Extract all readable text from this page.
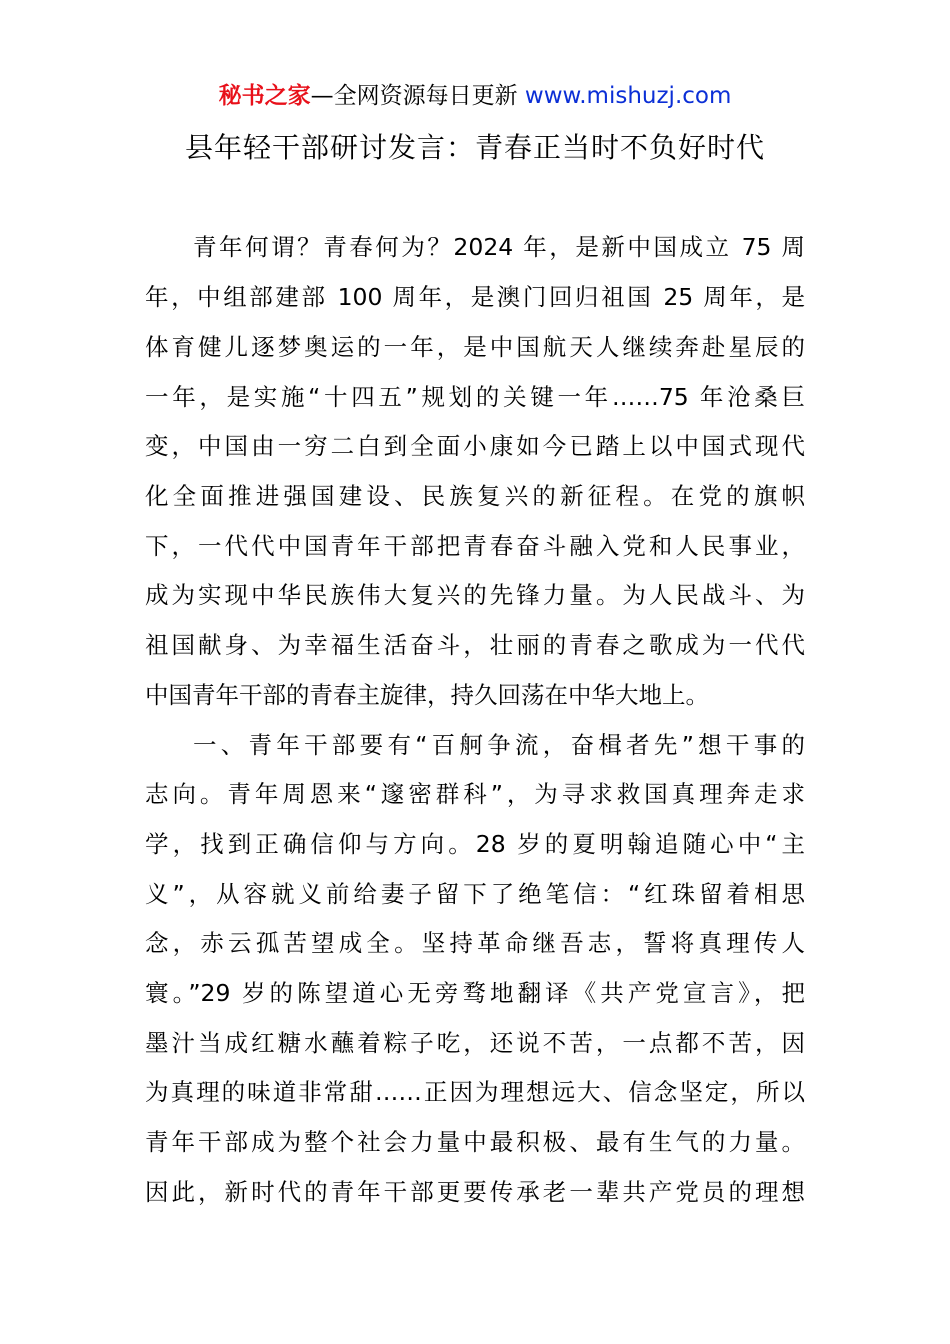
秘书之家—全网资源每日更新 www.mishuzj.com
县年轻干部研讨发言：青春正当时不负好时代
青年何谓？青春何为？2024 年，是新中国成立 75 周
年，中组部建部 100 周年，是澳门回归祖国 25 周年，是
体育健儿逐梦奥运的一年，是中国航天人继续奔赴星辰的
一年，是实施“十四五”规划的关键一年……75 年沧桑巨
变，中国由一穷二白到全面小康如今已踏上以中国式现代
化全面推进强国建设、民族复兴的新征程。在党的旗帜
下，一代代中国青年干部把青春奋斗融入党和人民事业，
成为实现中华民族伟大复兴的先锋力量。为人民战斗、为
祖国献身、为幸福生活奋斗，壮丽的青春之歌成为一代代
中国青年干部的青春主旋律，持久回荡在中华大地上。
一、青年干部要有“百舸争流，奋楫者先”想干事的
志向。青年周恩来“邃密群科”，为寻求救国真理奔走求
学，找到正确信仰与方向。28 岁的夏明翰追随心中“主
义”，从容就义前给妻子留下了绝笔信：“红珠留着相思
念，赤云孤苦望成全。坚持革命继吾志，誓将真理传人
寰。”29 岁的陈望道心无旁骛地翻译《共产党宣言》，把
墨汁当成红糖水蘸着粽子吃，还说不苦，一点都不苦，因
为真理的味道非常甜……正因为理想远大、信念坚定，所以
青年干部成为整个社会力量中最积极、最有生气的力量。
因此，新时代的青年干部更要传承老一辈共产党员的理想
